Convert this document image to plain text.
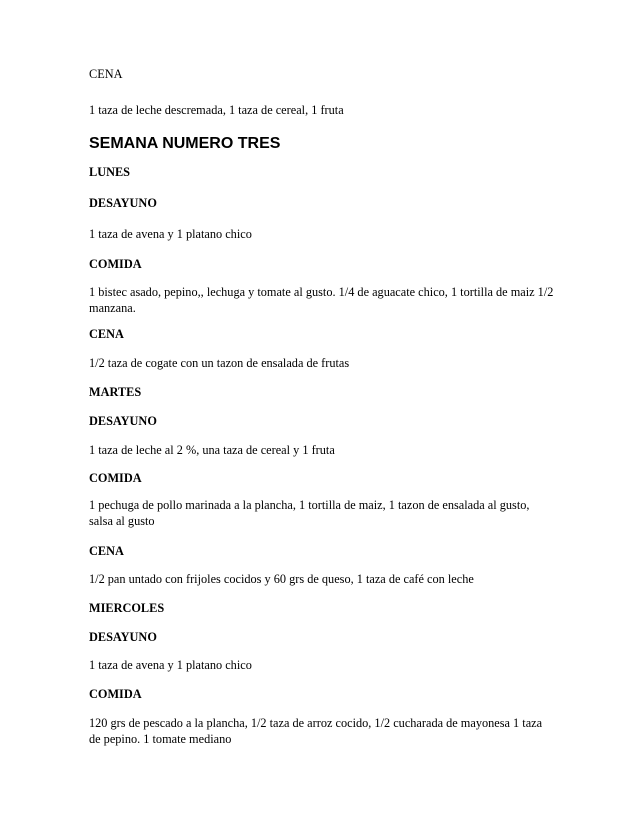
CENA

1 taza de leche descremada, 1 taza de cereal, 1 fruta

SEMANA NUMERO TRES

LUNES

DESAYUNO

1 taza de avena y 1 platano chico

COMIDA

1 bistec asado, pepino,, lechuga y tomate al gusto. 1/4 de aguacate chico, 1 tortilla de maiz 1/2 manzana.

CENA

1/2 taza de cogate con un tazon de ensalada de frutas

MARTES

DESAYUNO

1 taza de leche al 2 %, una taza de cereal y 1 fruta

COMIDA

1 pechuga de pollo marinada a la plancha, 1 tortilla de maiz, 1 tazon de ensalada al gusto, salsa al gusto

CENA

1/2 pan untado con frijoles cocidos y 60 grs de queso, 1 taza de café con leche

MIERCOLES

DESAYUNO

1 taza de avena y 1 platano chico

COMIDA

120 grs de pescado a la plancha, 1/2 taza de arroz cocido, 1/2 cucharada de mayonesa 1 taza de pepino. 1 tomate mediano
